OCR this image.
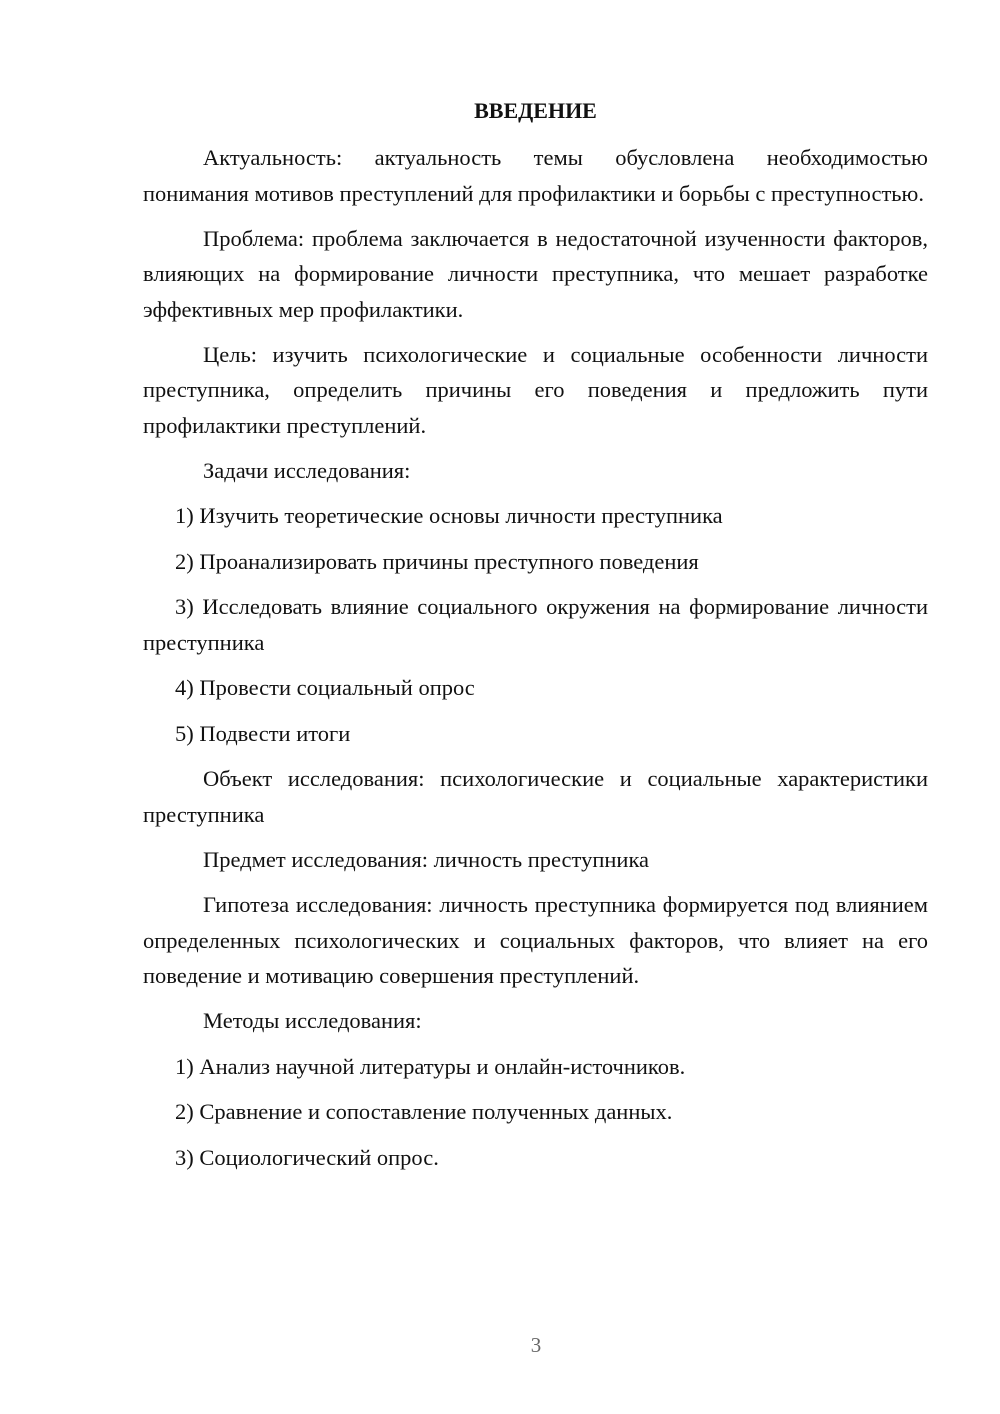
ВВЕДЕНИЕ

Актуальность: актуальность темы обусловлена необходимостью понимания мотивов преступлений для профилактики и борьбы с преступностью.

Проблема: проблема заключается в недостаточной изученности факторов, влияющих на формирование личности преступника, что мешает разработке эффективных мер профилактики.

Цель: изучить психологические и социальные особенности личности преступника, определить причины его поведения и предложить пути профилактики преступлений.

Задачи исследования:

1) Изучить теоретические основы личности преступника

2) Проанализировать причины преступного поведения

3) Исследовать влияние социального окружения на формирование личности преступника

4) Провести социальный опрос

5) Подвести итоги

Объект исследования: психологические и социальные характеристики преступника

Предмет исследования: личность преступника

Гипотеза исследования: личность преступника формируется под влиянием определенных психологических и социальных факторов, что влияет на его поведение и мотивацию совершения преступлений.

Методы исследования:

1) Анализ научной литературы и онлайн-источников.

2) Сравнение и сопоставление полученных данных.

3) Социологический опрос.

3
